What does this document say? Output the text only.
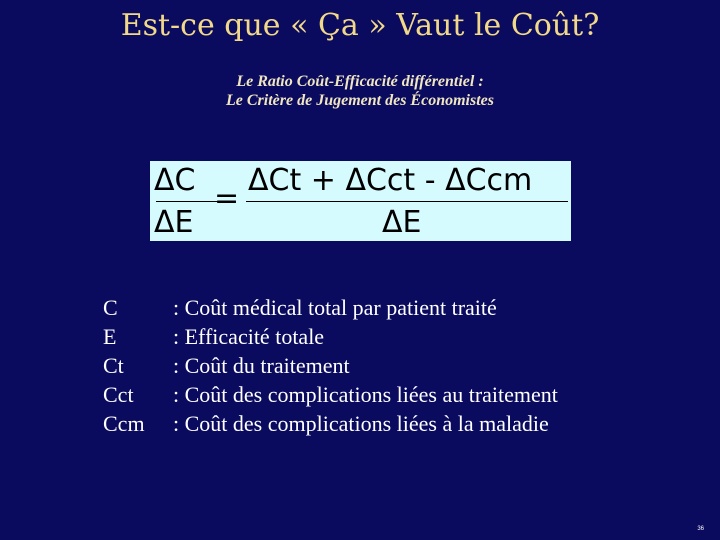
Est-ce que « Ça » Vaut le Coût?
Le Ratio Coût-Efficacité différentiel :
Le Critère de Jugement des Économistes
ΔC
ΔE
=
ΔCt + ΔCct - ΔCcm
ΔE
C	: Coût médical total par patient traité
E	: Efficacité totale
Ct : Coût du traitement
Cct : Coût des complications liées au traitement
Ccm : Coût des complications liées à la maladie
36
